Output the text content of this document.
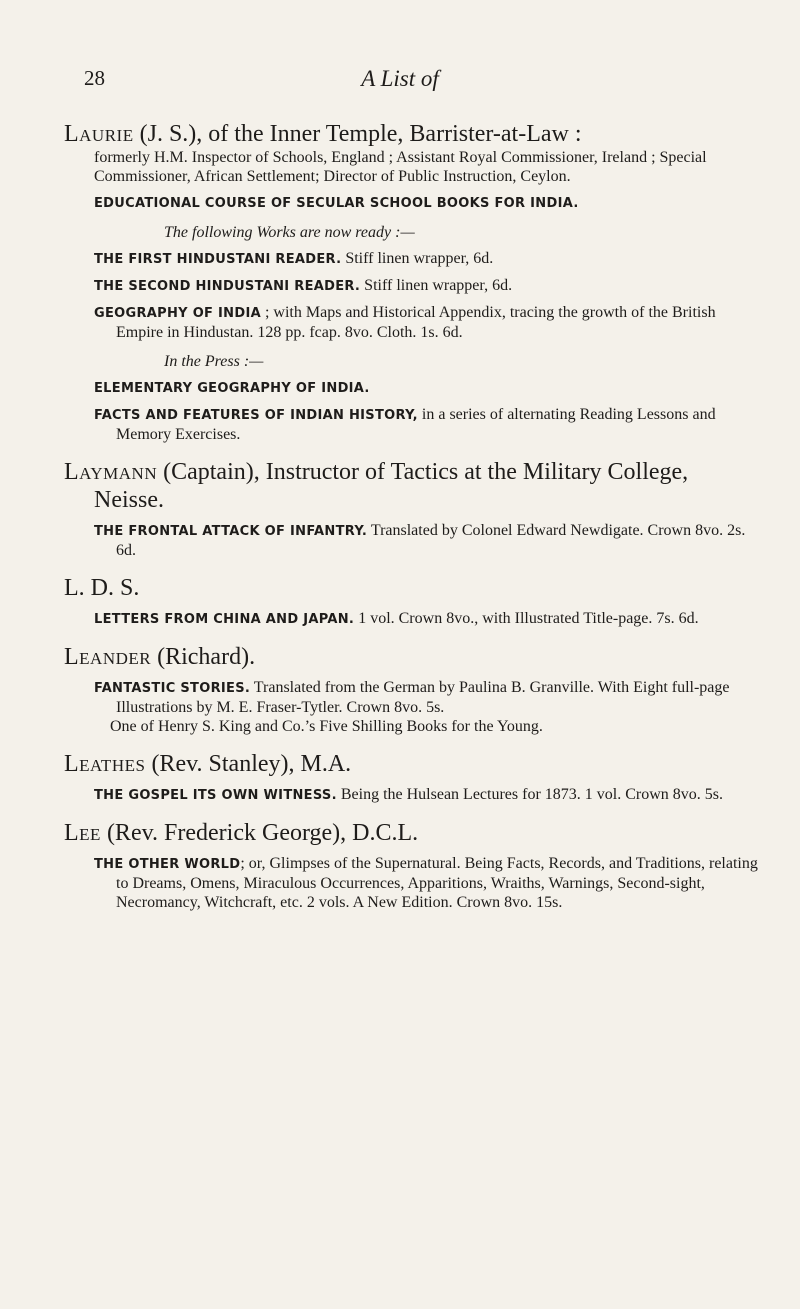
28	A List of
Laurie (J. S.), of the Inner Temple, Barrister-at-Law :
formerly H.M. Inspector of Schools, England ; Assistant Royal Commissioner, Ireland ; Special Commissioner, African Settlement; Director of Public Instruction, Ceylon.
EDUCATIONAL COURSE OF SECULAR SCHOOL BOOKS FOR INDIA.
The following Works are now ready :—
THE FIRST HINDUSTANI READER. Stiff linen wrapper, 6d.
THE SECOND HINDUSTANI READER. Stiff linen wrapper, 6d.
GEOGRAPHY OF INDIA ; with Maps and Historical Appendix, tracing the growth of the British Empire in Hindustan. 128 pp. fcap. 8vo. Cloth. 1s. 6d.
In the Press :—
ELEMENTARY GEOGRAPHY OF INDIA.
FACTS AND FEATURES OF INDIAN HISTORY, in a series of alternating Reading Lessons and Memory Exercises.
Laymann (Captain), Instructor of Tactics at the Military College, Neisse.
THE FRONTAL ATTACK OF INFANTRY. Translated by Colonel Edward Newdigate. Crown 8vo. 2s. 6d.
L. D. S.
LETTERS FROM CHINA AND JAPAN. 1 vol. Crown 8vo., with Illustrated Title-page. 7s. 6d.
Leander (Richard).
FANTASTIC STORIES. Translated from the German by Paulina B. Granville. With Eight full-page Illustrations by M. E. Fraser-Tytler. Crown 8vo. 5s.
One of Henry S. King and Co.’s Five Shilling Books for the Young.
Leathes (Rev. Stanley), M.A.
THE GOSPEL ITS OWN WITNESS. Being the Hulsean Lectures for 1873. 1 vol. Crown 8vo. 5s.
Lee (Rev. Frederick George), D.C.L.
THE OTHER WORLD; or, Glimpses of the Supernatural. Being Facts, Records, and Traditions, relating to Dreams, Omens, Miraculous Occurrences, Apparitions, Wraiths, Warnings, Second-sight, Necromancy, Witchcraft, etc. 2 vols. A New Edition. Crown 8vo. 15s.
